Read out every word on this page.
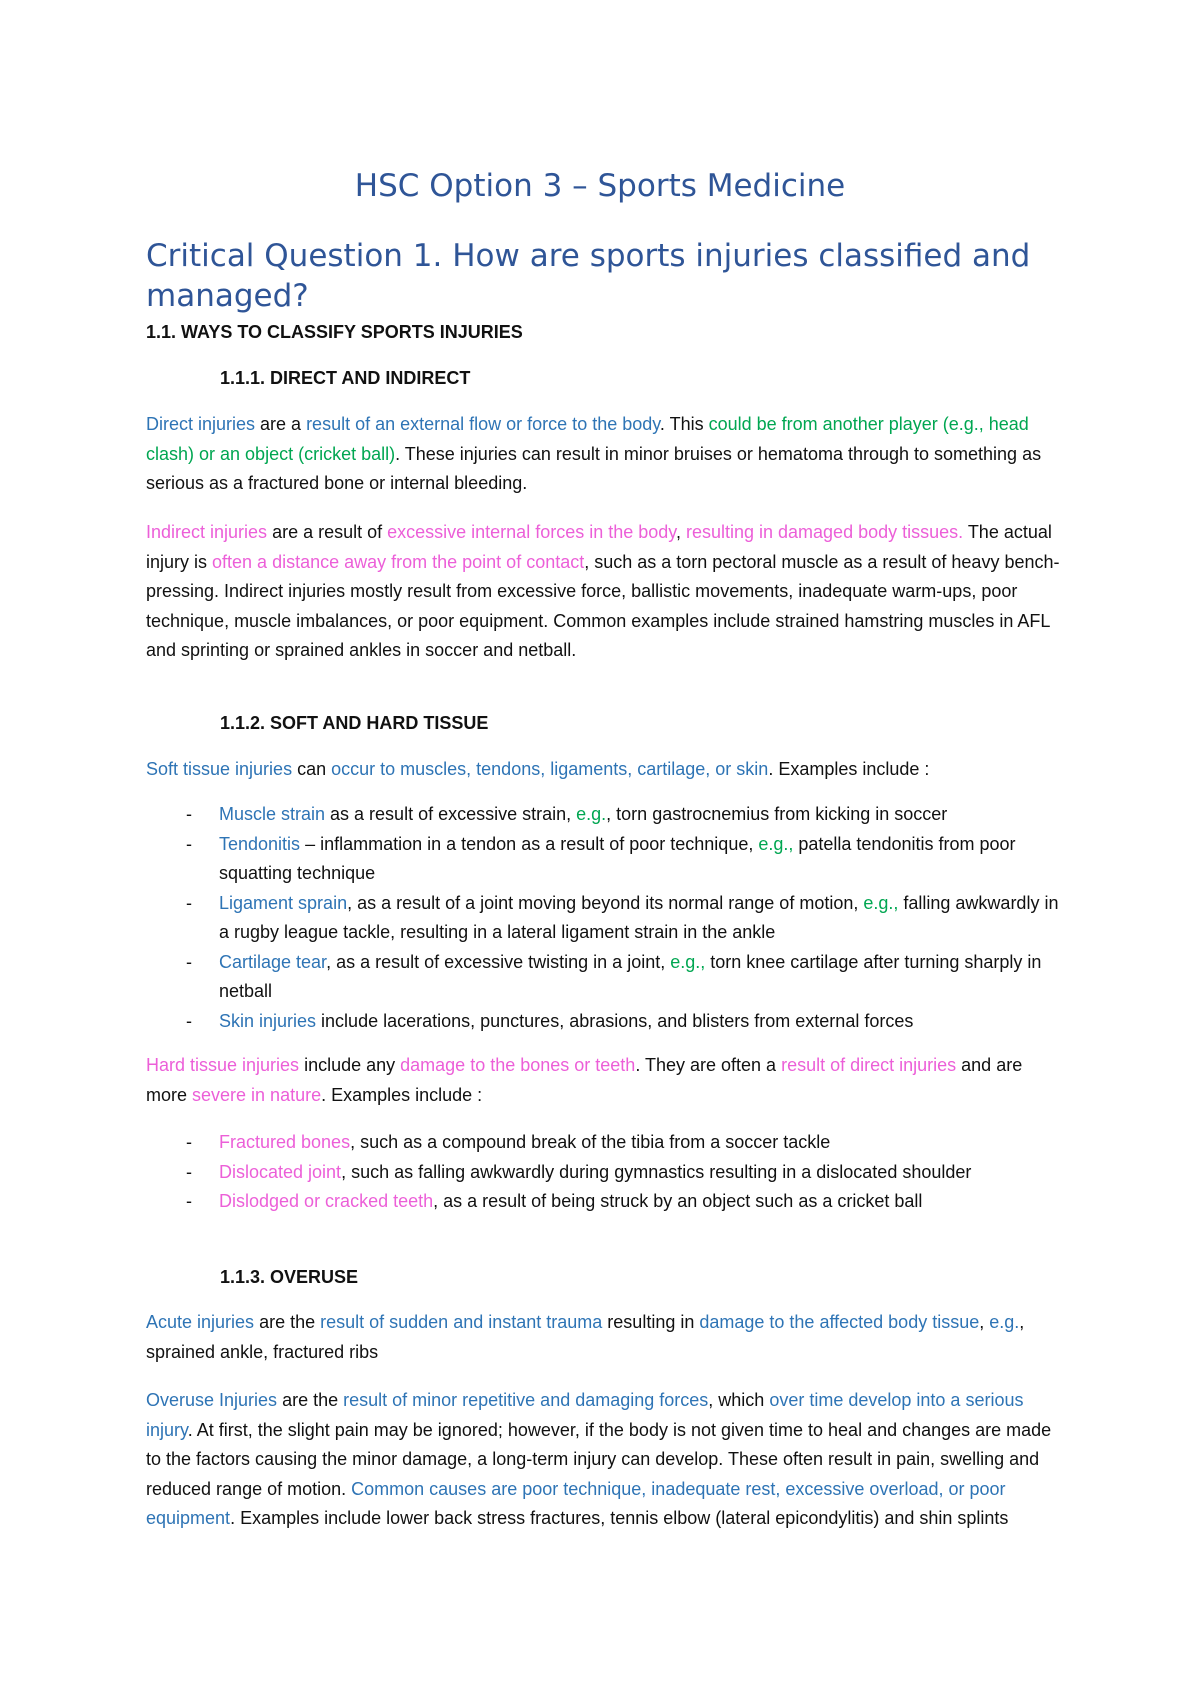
HSC Option 3 – Sports Medicine
Critical Question 1. How are sports injuries classified and managed?
1.1. WAYS TO CLASSIFY SPORTS INJURIES
1.1.1. DIRECT AND INDIRECT

Direct injuries are a result of an external flow or force to the body. This could be from another player (e.g., head clash) or an object (cricket ball). These injuries can result in minor bruises or hematoma through to something as serious as a fractured bone or internal bleeding.

Indirect injuries are a result of excessive internal forces in the body, resulting in damaged body tissues. The actual injury is often a distance away from the point of contact, such as a torn pectoral muscle as a result of heavy bench-pressing. Indirect injuries mostly result from excessive force, ballistic movements, inadequate warm-ups, poor technique, muscle imbalances, or poor equipment. Common examples include strained hamstring muscles in AFL and sprinting or sprained ankles in soccer and netball.

1.1.2. SOFT AND HARD TISSUE

Soft tissue injuries can occur to muscles, tendons, ligaments, cartilage, or skin. Examples include :

- Muscle strain as a result of excessive strain, e.g., torn gastrocnemius from kicking in soccer
- Tendonitis – inflammation in a tendon as a result of poor technique, e.g., patella tendonitis from poor squatting technique
- Ligament sprain, as a result of a joint moving beyond its normal range of motion, e.g., falling awkwardly in a rugby league tackle, resulting in a lateral ligament strain in the ankle
- Cartilage tear, as a result of excessive twisting in a joint, e.g., torn knee cartilage after turning sharply in netball
- Skin injuries include lacerations, punctures, abrasions, and blisters from external forces

Hard tissue injuries include any damage to the bones or teeth. They are often a result of direct injuries and are more severe in nature. Examples include :

- Fractured bones, such as a compound break of the tibia from a soccer tackle
- Dislocated joint, such as falling awkwardly during gymnastics resulting in a dislocated shoulder
- Dislodged or cracked teeth, as a result of being struck by an object such as a cricket ball
1.1.3. OVERUSE

Acute injuries are the result of sudden and instant trauma resulting in damage to the affected body tissue, e.g., sprained ankle, fractured ribs

Overuse Injuries are the result of minor repetitive and damaging forces, which over time develop into a serious injury. At first, the slight pain may be ignored; however, if the body is not given time to heal and changes are made to the factors causing the minor damage, a long-term injury can develop. These often result in pain, swelling and reduced range of motion. Common causes are poor technique, inadequate rest, excessive overload, or poor equipment. Examples include lower back stress fractures, tennis elbow (lateral epicondylitis) and shin splints
